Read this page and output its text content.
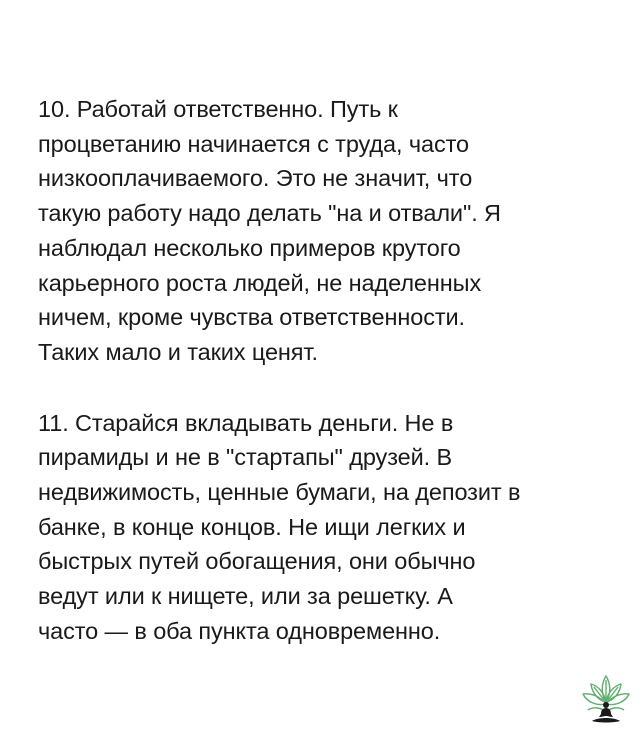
10. Работай ответственно. Путь к
процветанию начинается с труда, часто
низкооплачиваемого. Это не значит, что
такую работу надо делать "на и отвали". Я
наблюдал несколько примеров крутого
карьерного роста людей, не наделенных
ничем, кроме чувства ответственности.
Таких мало и таких ценят.

11. Старайся вкладывать деньги. Не в
пирамиды и не в "стартапы" друзей. В
недвижимость, ценные бумаги, на депозит в
банке, в конце концов. Не ищи легких и
быстрых путей обогащения, они обычно
ведут или к нищете, или за решетку. А
часто — в оба пункта одновременно.
